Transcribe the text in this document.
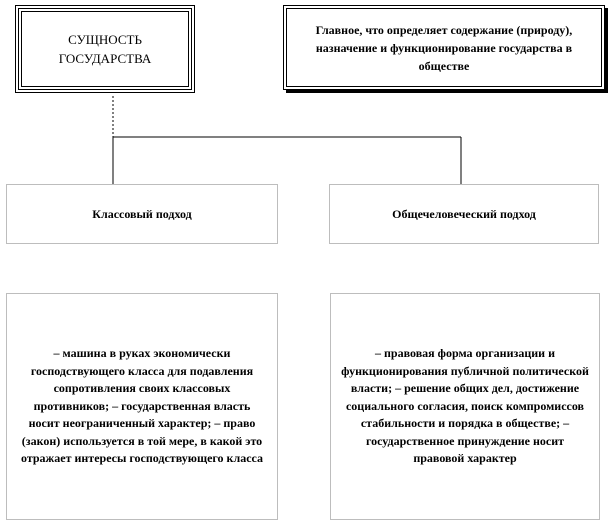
СУЩНОСТЬ
ГОСУДАРСТВА
Главное, что определяет содержание (природу), назначение и функционирование государства в обществе
Классовый подход	Общечеловеческий подход
– машина в руках экономически господствующего класса для подавления сопротивления своих классовых противников; – государственная власть носит неограниченный характер; – право (закон) используется в той мере, в какой это отражает интересы господствующего класса
– правовая форма организации и функционирования публичной политической власти; – решение общих дел, достижение социального согласия, поиск компромиссов стабильности и порядка в обществе; – государственное принуждение носит правовой характер
